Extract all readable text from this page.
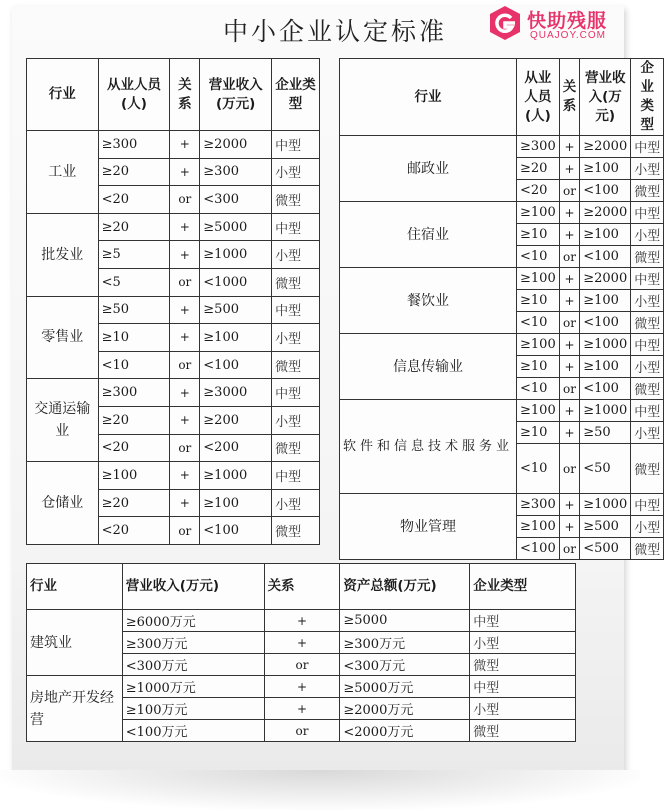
中小企业认定标准	快助残服
QUAJOY.COM
行业	从业人员(人)	关系	营业收入(万元)	企业类型
工业	≥300	+	≥2000	中型
	≥20	+	≥300	小型
	<20	or	<300	微型
批发业	≥20	+	≥5000	中型
	≥5	+	≥1000	小型
	<5	or	<1000	微型
零售业	≥50	+	≥500	中型
	≥10	+	≥100	小型
	<10	or	<100	微型
交通运输业	≥300	+	≥3000	中型
	≥20	+	≥200	小型
	<20	or	<200	微型
仓储业	≥100	+	≥1000	中型
	≥20	+	≥100	小型
	<20	or	<100	微型
行业	从业人员(人)	关系	营业收入(万元)	企业类型
邮政业	≥300	+	≥2000	中型
	≥20	+	≥100	小型
	<20	or	<100	微型
住宿业	≥100	+	≥2000	中型
	≥10	+	≥100	小型
	<10	or	<100	微型
餐饮业	≥100	+	≥2000	中型
	≥10	+	≥100	小型
	<10	or	<100	微型
信息传输业	≥100	+	≥1000	中型
	≥10	+	≥100	小型
	<10	or	<100	微型
软件和信息技术服务业	≥100	+	≥1000	中型
	≥10	+	≥50	小型
	<10	or	<50	微型
物业管理	≥300	+	≥1000	中型
	≥100	+	≥500	小型
	<100	or	<500	微型
行业	营业收入(万元)	关系	资产总额(万元)	企业类型
建筑业	≥6000万元	+	≥5000	中型
	≥300万元	+	≥300万元	小型
	<300万元	or	<300万元	微型
房地产开发经营	≥1000万元	+	≥5000万元	中型
	≥100万元	+	≥2000万元	小型
	<100万元	or	<2000万元	微型
